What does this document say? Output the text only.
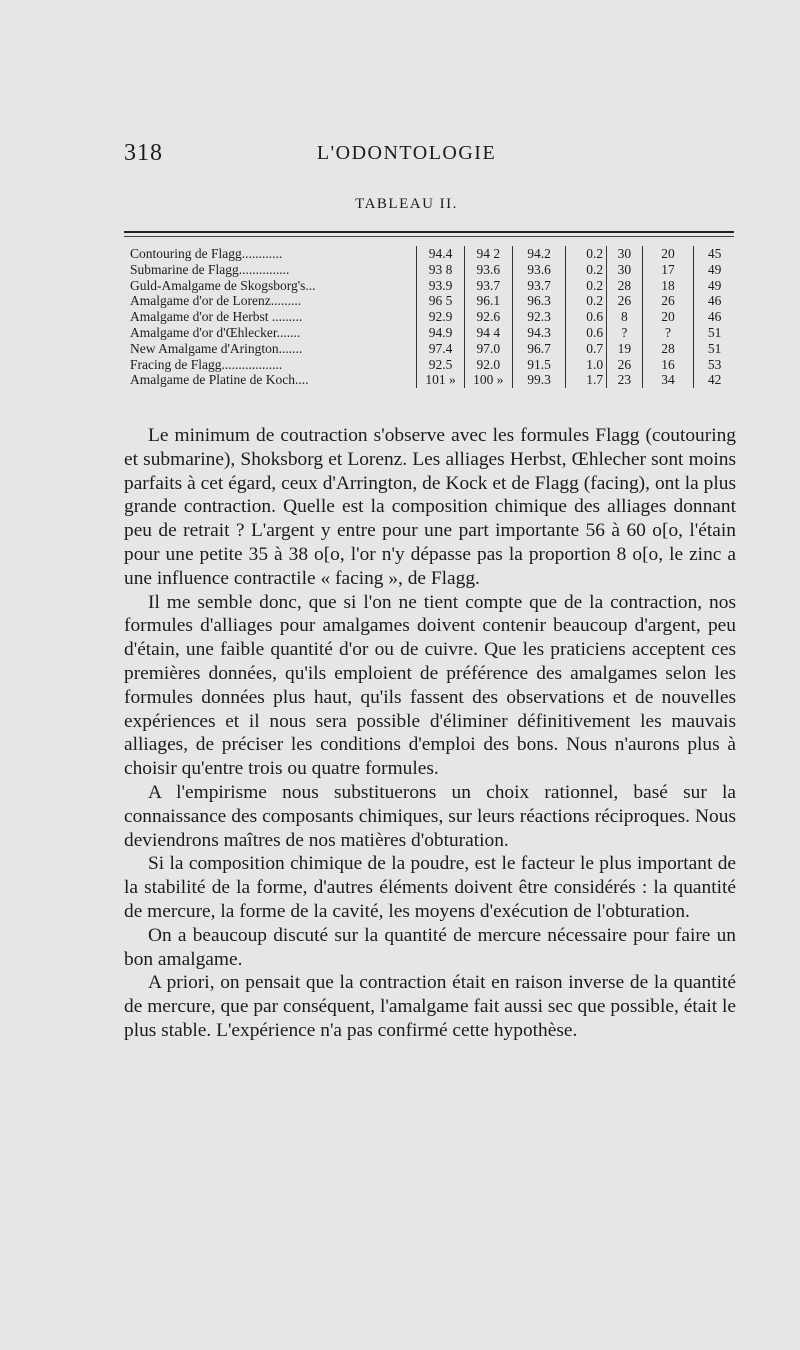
318	L'ODONTOLOGIE
TABLEAU II.
Contouring de Flagg............	94.4	94 2	94.2	0.2	30	20	45
Submarine de Flagg...............	93 8	93.6	93.6	0.2	30	17	49
Guld-Amalgame de Skogsborg's...	93.9	93.7	93.7	0.2	28	18	49
Amalgame d'or de Lorenz.........	96 5	96.1	96.3	0.2	26	26	46
Amalgame d'or de Herbst .........	92.9	92.6	92.3	0.6	8	20	46
Amalgame d'or d'Œhlecker.......	94.9	94 4	94.3	0.6	?	?	51
New Amalgame d'Arington.......	97.4	97.0	96.7	0.7	19	28	51
Fracing de Flagg..................	92.5	92.0	91.5	1.0	26	16	53
Amalgame de Platine de Koch....	101 »	100 »	99.3	1.7	23	34	42

Le minimum de coutraction s'observe avec les formules Flagg (coutouring et submarine), Shoksborg et Lorenz. Les alliages Herbst, Œhlecher sont moins parfaits à cet égard, ceux d'Arrington, de Kock et de Flagg (facing), ont la plus grande contraction. Quelle est la composition chimique des alliages donnant peu de retrait ? L'argent y entre pour une part importante 56 à 60 o[o, l'étain pour une petite 35 à 38 o[o, l'or n'y dépasse pas la proportion 8 o[o, le zinc a une influence contractile « facing », de Flagg.

Il me semble donc, que si l'on ne tient compte que de la contraction, nos formules d'alliages pour amalgames doivent contenir beaucoup d'argent, peu d'étain, une faible quantité d'or ou de cuivre. Que les praticiens acceptent ces premières données, qu'ils emploient de préférence des amalgames selon les formules données plus haut, qu'ils fassent des observations et de nouvelles expériences et il nous sera possible d'éliminer définitivement les mauvais alliages, de préciser les conditions d'emploi des bons. Nous n'aurons plus à choisir qu'entre trois ou quatre formules.

A l'empirisme nous substituerons un choix rationnel, basé sur la connaissance des composants chimiques, sur leurs réactions réciproques. Nous deviendrons maîtres de nos matières d'obturation.

Si la composition chimique de la poudre, est le facteur le plus important de la stabilité de la forme, d'autres éléments doivent être considérés : la quantité de mercure, la forme de la cavité, les moyens d'exécution de l'obturation.

On a beaucoup discuté sur la quantité de mercure nécessaire pour faire un bon amalgame.

A priori, on pensait que la contraction était en raison inverse de la quantité de mercure, que par conséquent, l'amalgame fait aussi sec que possible, était le plus stable. L'expérience n'a pas confirmé cette hypothèse.
